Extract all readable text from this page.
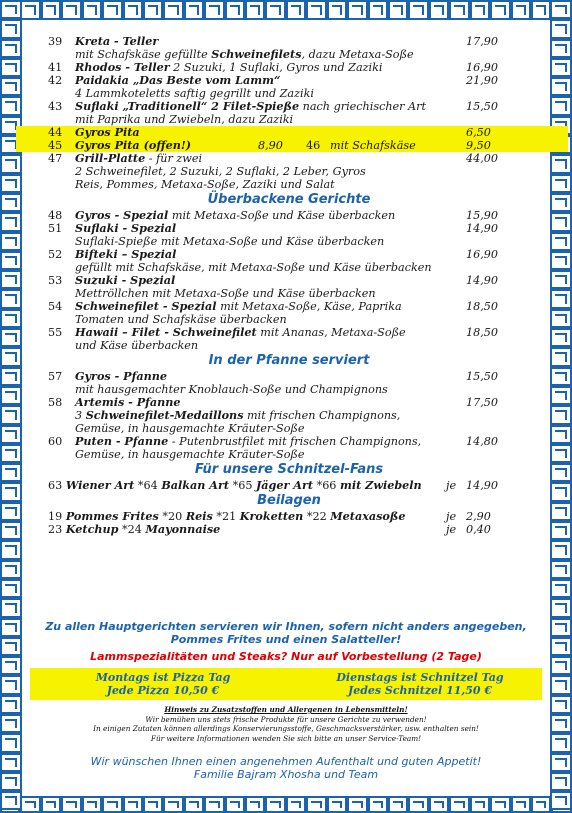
39	Kreta - Teller	17,90
mit Schafskäse gefüllte Schweinefilets, dazu Metaxa-Soße
41	Rhodos - Teller 2 Suzuki, 1 Suflaki, Gyros und Zaziki	16,90
42	Paidakia „Das Beste vom Lamm“	21,90
4 Lammkoteletts saftig gegrillt und Zaziki
43	Suflaki „Traditionell“ 2 Filet-Spieße nach griechischer Art	15,50
mit Paprika und Zwiebeln, dazu Zaziki
44	Gyros Pita	6,50
45	Gyros Pita (offen!)	8,90 46 mit Schafskäse	9,50
47	Grill-Platte - für zwei	44,00
2 Schweinefilet, 2 Suzuki, 2 Suflaki, 2 Leber, Gyros
Reis, Pommes, Metaxa-Soße, Zaziki und Salat
Überbackene Gerichte
48	Gyros - Spezial mit Metaxa-Soße und Käse überbacken	15,90
51	Suflaki - Spezial	14,90
Suflaki-Spieße mit Metaxa-Soße und Käse überbacken
52	Bifteki – Spezial	16,90
gefüllt mit Schafskäse, mit Metaxa-Soße und Käse überbacken
53	Suzuki - Spezial	14,90
Mettröllchen mit Metaxa-Soße und Käse überbacken
54	Schweinefilet - Spezial mit Metaxa-Soße, Käse, Paprika	18,50
Tomaten und Schafskäse überbacken
55	Hawaii – Filet - Schweinefilet mit Ananas, Metaxa-Soße	18,50
und Käse überbacken
In der Pfanne serviert
57	Gyros - Pfanne	15,50
mit hausgemachter Knoblauch-Soße und Champignons
58	Artemis - Pfanne	17,50
3 Schweinefilet-Medaillons mit frischen Champignons,
Gemüse, in hausgemachte Kräuter-Soße
60	Puten - Pfanne - Putenbrustfilet mit frischen Champignons,	14,80
Gemüse, in hausgemachte Kräuter-Soße
Für unsere Schnitzel-Fans
63 Wiener Art *64 Balkan Art *65 Jäger Art *66 mit Zwiebeln	je 14,90
Beilagen
19 Pommes Frites *20 Reis *21 Kroketten *22 Metaxasoße	je 2,90
23 Ketchup *24 Mayonnaise	je 0,40
Zu allen Hauptgerichten servieren wir Ihnen, sofern nicht anders angegeben,
Pommes Frites und einen Salatteller!
Lammspezialitäten und Steaks? Nur auf Vorbestellung (2 Tage)
Montags ist Pizza Tag
Jede Pizza 10,50 €
Dienstags ist Schnitzel Tag
Jedes Schnitzel 11,50 €
Hinweis zu Zusatzstoffen und Allergenen in Lebensmitteln!
Wir bemühen uns stets frische Produkte für unsere Gerichte zu verwenden!
In einigen Zutaten können allerdings Konservierungsstoffe, Geschmacksverstärker, usw. enthalten sein!
Für weitere Informationen wenden Sie sich bitte an unser Service-Team!
Wir wünschen Ihnen einen angenehmen Aufenthalt und guten Appetit!
Familie Bajram Xhosha und Team
